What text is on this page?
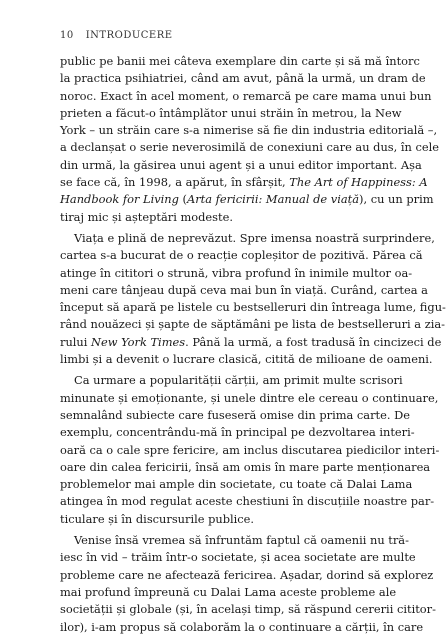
10 INTRODUCERE
public pe banii mei câteva exemplare din carte și să mă întorc
la practica psihiatriei, când am avut, până la urmă, un dram de
noroc. Exact în acel moment, o remarcă pe care mama unui bun
prieten a făcut-o întâmplător unui străin în metrou, la New
York – un străin care s-a nimerise să fie din industria editorială –,
a declanșat o serie neverosimilă de conexiuni care au dus, în cele
din urmă, la găsirea unui agent și a unui editor important. Așa
se face că, în 1998, a apărut, în sfârșit, The Art of Happiness: A
Handbook for Living (Arta fericirii: Manual de viață), cu un prim
tiraj mic și așteptări modeste.
Viața e plină de neprevăzut. Spre imensa noastră surprindere,
cartea s-a bucurat de o reacție copleșitor de pozitivă. Părea că
atinge în cititori o strună, vibra profund în inimile multor oa-
meni care tânjeau după ceva mai bun în viață. Curând, cartea a
început să apară pe listele cu bestselleruri din întreaga lume, figu-
rând nouăzeci și șapte de săptămâni pe lista de bestselleruri a zia-
rului New York Times. Până la urmă, a fost tradusă în cincizeci de
limbi și a devenit o lucrare clasică, citită de milioane de oameni.
Ca urmare a popularității cărții, am primit multe scrisori
minunate și emoționante, și unele dintre ele cereau o continuare,
semnalând subiecte care fuseseră omise din prima carte. De
exemplu, concentrându-mă în principal pe dezvoltarea interi-
oară ca o cale spre fericire, am inclus discutarea piedicilor interi-
oare din calea fericirii, însă am omis în mare parte menționarea
problemelor mai ample din societate, cu toate că Dalai Lama
atingea în mod regulat aceste chestiuni în discuțiile noastre par-
ticulare și în discursurile publice.
Venise însă vremea să înfruntăm faptul că oamenii nu tră-
iesc în vid – trăim într-o societate, și acea societate are multe
probleme care ne afectează fericirea. Așadar, dorind să explorez
mai profund împreună cu Dalai Lama aceste probleme ale
societății și globale (și, în același timp, să răspund cererii cititor-
ilor), i-am propus să colaborăm la o continuare a cărții, în care
